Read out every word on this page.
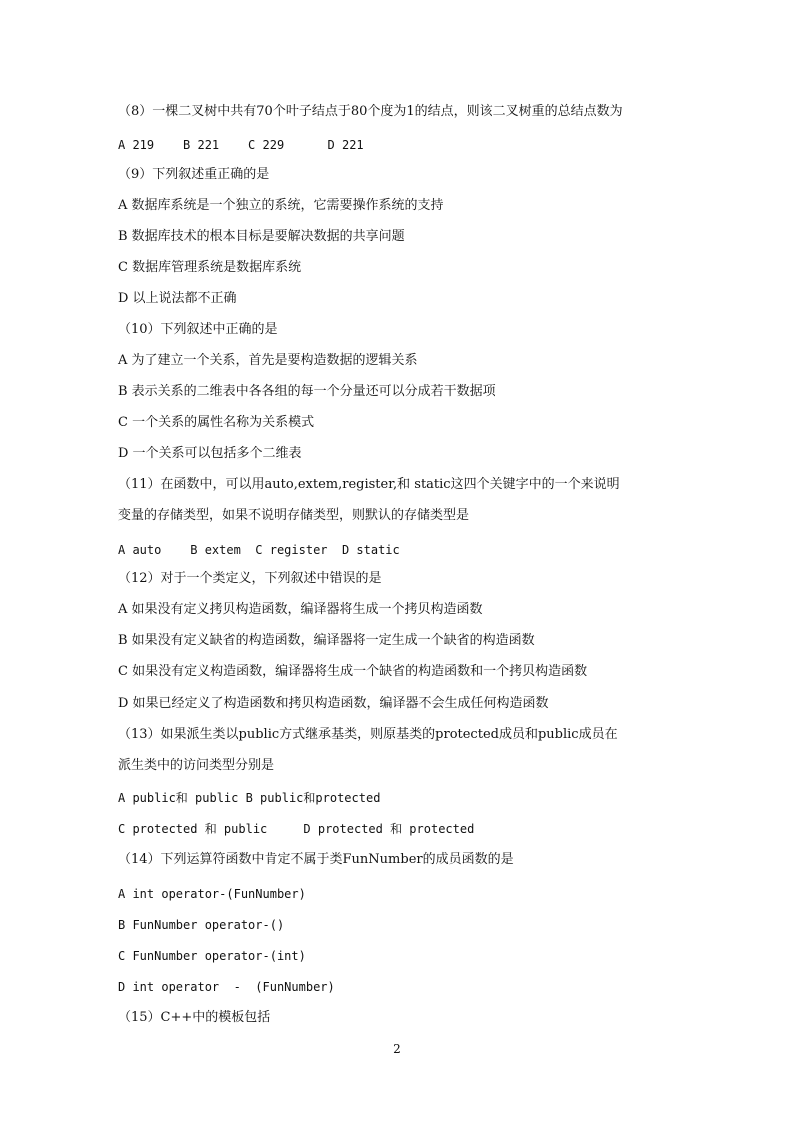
（8）一棵二叉树中共有70个叶子结点于80个度为1的结点，则该二叉树重的总结点数为
A 219    B 221    C 229      D 221
（9）下列叙述重正确的是
A 数据库系统是一个独立的系统，它需要操作系统的支持
B 数据库技术的根本目标是要解决数据的共享问题
C 数据库管理系统是数据库系统
D 以上说法都不正确
（10）下列叙述中正确的是
A 为了建立一个关系，首先是要构造数据的逻辑关系
B 表示关系的二维表中各各组的每一个分量还可以分成若干数据项
C 一个关系的属性名称为关系模式
D 一个关系可以包括多个二维表
（11）在函数中，可以用auto,extem,register,和 static这四个关键字中的一个来说明
变量的存储类型，如果不说明存储类型，则默认的存储类型是
A auto    B extem  C register  D static
（12）对于一个类定义，下列叙述中错误的是
A 如果没有定义拷贝构造函数，编译器将生成一个拷贝构造函数
B 如果没有定义缺省的构造函数，编译器将一定生成一个缺省的构造函数
C 如果没有定义构造函数，编译器将生成一个缺省的构造函数和一个拷贝构造函数
D 如果已经定义了构造函数和拷贝构造函数，编译器不会生成任何构造函数
（13）如果派生类以public方式继承基类，则原基类的protected成员和public成员在
派生类中的访问类型分别是
A public和 public B public和protected
C protected 和 public     D protected 和 protected
（14）下列运算符函数中肯定不属于类FunNumber的成员函数的是
A int operator-(FunNumber)
B FunNumber operator-()
C FunNumber operator-(int)
D int operator  -  (FunNumber)
（15）C++中的模板包括
2
